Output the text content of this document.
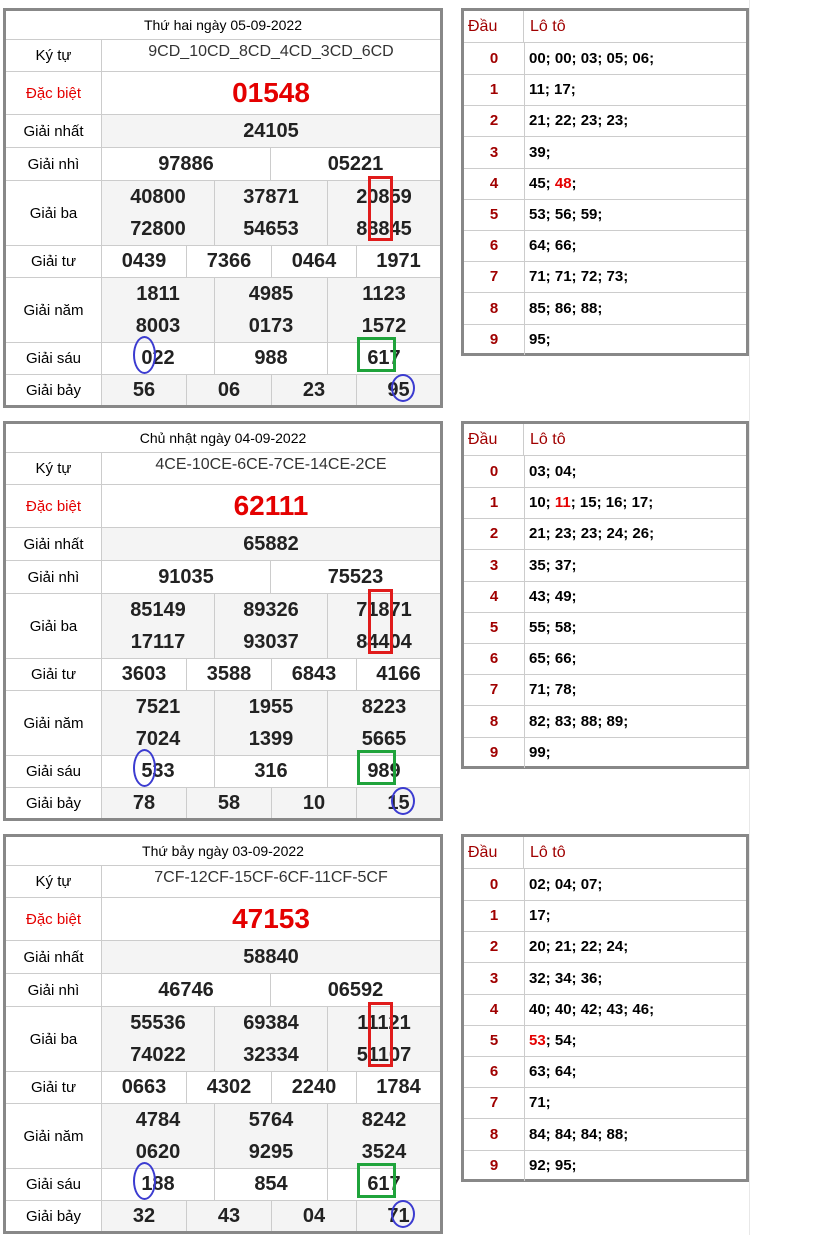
Thứ hai ngày 05-09-2022
Ký tự	9CD_10CD_8CD_4CD_3CD_6CD
Đặc biệt	01548
Giải nhất	24105
Giải nhì	97886	05221
Giải ba
40800	37871	20859
72800	54653	88845
Giải tư	0439	7366	0464	1971
Giải năm
1811	4985	1123
8003	0173	1572
Giải sáu	022	988	617
Giải bảy	56	06	23	95
Đầu	Lô tô
0	00; 00; 03; 05; 06;
1	11; 17;
2	21; 22; 23; 23;
3	39;
4	45; 48 ;
5	53; 56; 59;
6	64; 66;
7	71; 71; 72; 73;
8	85; 86; 88;
9	95;
Chủ nhật ngày 04-09-2022
Ký tự	4CE-10CE-6CE-7CE-14CE-2CE
Đặc biệt	62111
Giải nhất	65882
Giải nhì	91035	75523
Giải ba
85149	89326	71871
17117	93037	84404
Giải tư	3603	3588	6843	4166
Giải năm
7521	1955	8223
7024	1399	5665
Giải sáu	533	316	989
Giải bảy	78	58	10	15
Đầu	Lô tô
0	03; 04;
1	10; 11 ; 15; 16; 17;
2	21; 23; 23; 24; 26;
3	35; 37;
4	43; 49;
5	55; 58;
6	65; 66;
7	71; 78;
8	82; 83; 88; 89;
9	99;
Thứ bảy ngày 03-09-2022
Ký tự	7CF-12CF-15CF-6CF-11CF-5CF
Đặc biệt	47153
Giải nhất	58840
Giải nhì	46746	06592
Giải ba
55536	69384	11121
74022	32334	51107
Giải tư	0663	4302	2240	1784
Giải năm
4784	5764	8242
0620	9295	3524
Giải sáu	188	854	617
Giải bảy	32	43	04	71
Đầu	Lô tô
0	02; 04; 07;
1	17;
2	20; 21; 22; 24;
3	32; 34; 36;
4	40; 40; 42; 43; 46;
5	53 ; 54;
6	63; 64;
7	71;
8	84; 84; 84; 88;
9	92; 95;
